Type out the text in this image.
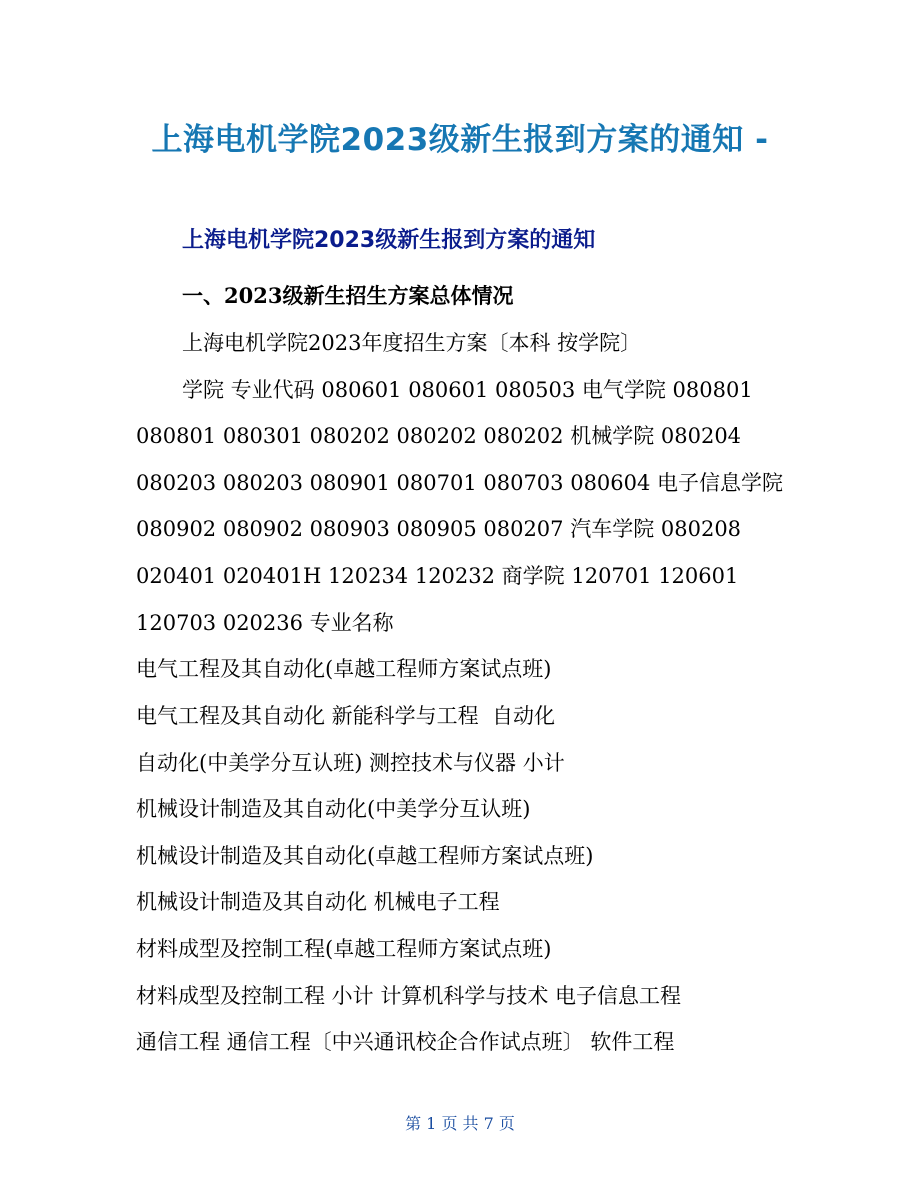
上海电机学院2023级新生报到方案的通知 -
上海电机学院2023级新生报到方案的通知
一、2023级新生招生方案总体情况
上海电机学院2023年度招生方案〔本科 按学院〕
学院 专业代码 080601 080601 080503 电气学院 080801
080801 080301 080202 080202 080202 机械学院 080204
080203 080203 080901 080701 080703 080604 电子信息学院
080902 080902 080903 080905 080207 汽车学院 080208
020401 020401H 120234 120232 商学院 120701 120601
120703 020236 专业名称
电气工程及其自动化(卓越工程师方案试点班)
电气工程及其自动化 新能科学与工程  自动化
自动化(中美学分互认班) 测控技术与仪器 小计
机械设计制造及其自动化(中美学分互认班)
机械设计制造及其自动化(卓越工程师方案试点班)
机械设计制造及其自动化 机械电子工程
材料成型及控制工程(卓越工程师方案试点班)
材料成型及控制工程 小计 计算机科学与技术 电子信息工程
通信工程 通信工程〔中兴通讯校企合作试点班〕 软件工程
第 1 页 共 7 页
